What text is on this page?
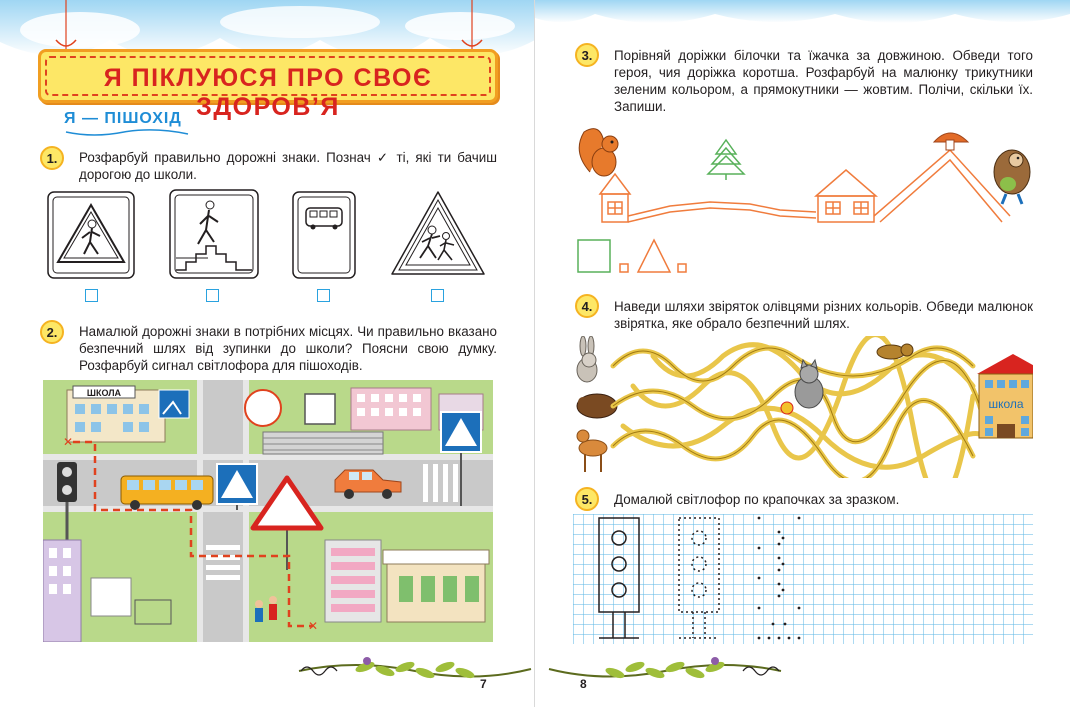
Я ПІКЛУЮСЯ ПРО СВОЄ ЗДОРОВ’Я
Я — ПІШОХІД
1.	Розфарбуй правильно дорожні знаки. Познач ✓ ті, які ти бачиш дорогою до школи.
2.	Намалюй дорожні знаки в потрібних місцях. Чи правильно вказано безпечний шлях від зупинки до школи? Поясни свою думку. Розфарбуй сигнал світлофора для пішоходів.
ШКОЛА
✕
✕
7
3.	Порівняй доріжки білочки та їжачка за довжиною. Обведи того героя, чия доріжка коротша. Розфарбуй на малюнку трикутники зеленим кольором, а прямокутники — жовтим. Полічи, скільки їх. Запиши.
4.	Наведи шляхи звіряток олівцями різних кольорів. Обведи малюнок звірятка, яке обрало безпечний шлях.
школа
5.	Домалюй світлофор по крапочках за зразком.
8
